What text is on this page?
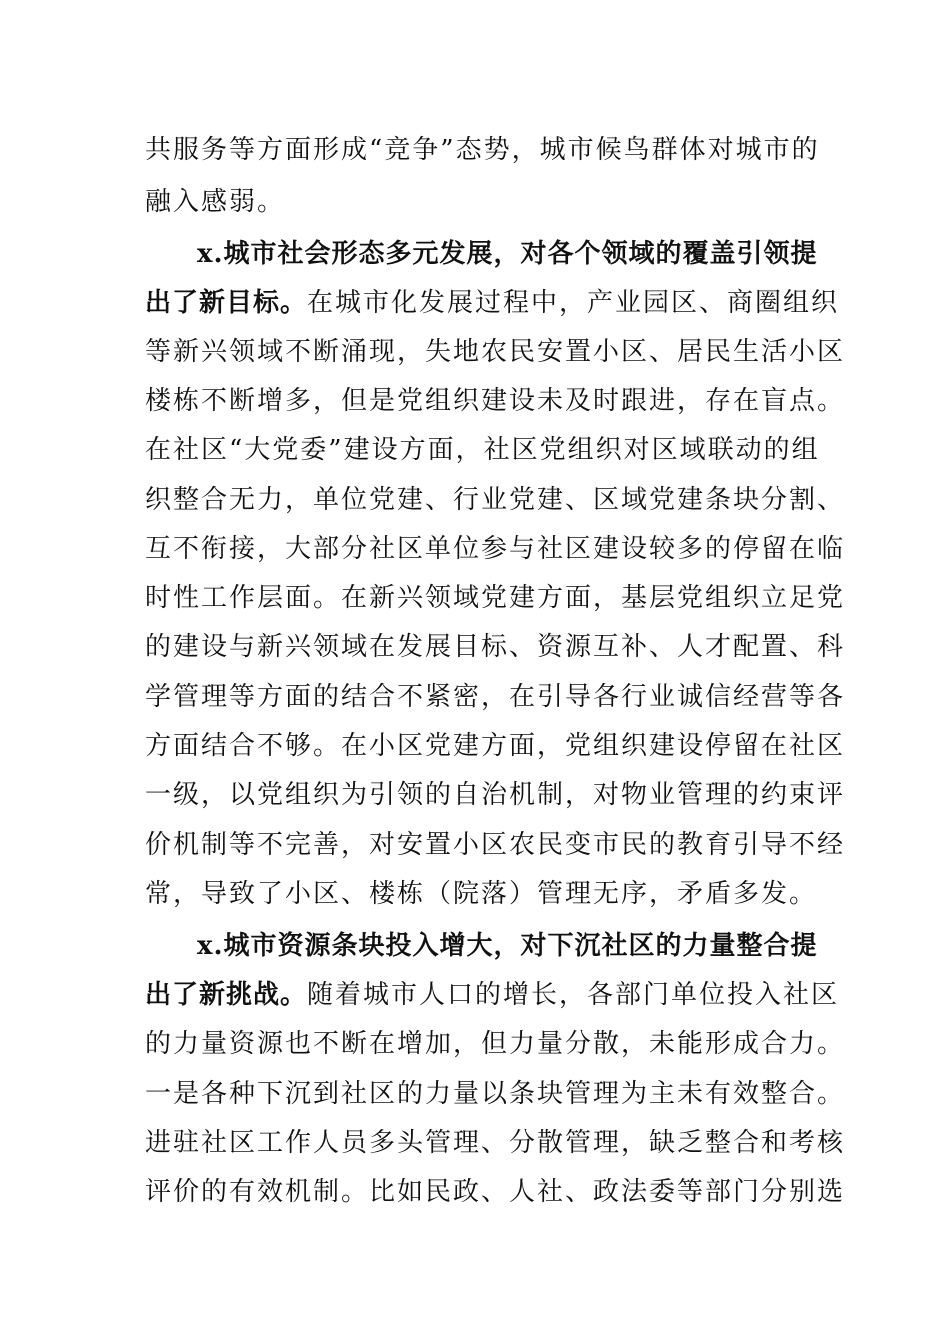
共服务等方面形成“竞争”态势，城市候鸟群体对城市的
融入感弱。
x.城市社会形态多元发展，对各个领域的覆盖引领提
出了新目标。在城市化发展过程中，产业园区、商圈组织
等新兴领域不断涌现，失地农民安置小区、居民生活小区
楼栋不断增多，但是党组织建设未及时跟进，存在盲点。
在社区“大党委”建设方面，社区党组织对区域联动的组
织整合无力，单位党建、行业党建、区域党建条块分割、
互不衔接，大部分社区单位参与社区建设较多的停留在临
时性工作层面。在新兴领域党建方面，基层党组织立足党
的建设与新兴领域在发展目标、资源互补、人才配置、科
学管理等方面的结合不紧密，在引导各行业诚信经营等各
方面结合不够。在小区党建方面，党组织建设停留在社区
一级，以党组织为引领的自治机制，对物业管理的约束评
价机制等不完善，对安置小区农民变市民的教育引导不经
常，导致了小区、楼栋（院落）管理无序，矛盾多发。
x.城市资源条块投入增大，对下沉社区的力量整合提
出了新挑战。随着城市人口的增长，各部门单位投入社区
的力量资源也不断在增加，但力量分散，未能形成合力。
一是各种下沉到社区的力量以条块管理为主未有效整合。
进驻社区工作人员多头管理、分散管理，缺乏整合和考核
评价的有效机制。比如民政、人社、政法委等部门分别选
